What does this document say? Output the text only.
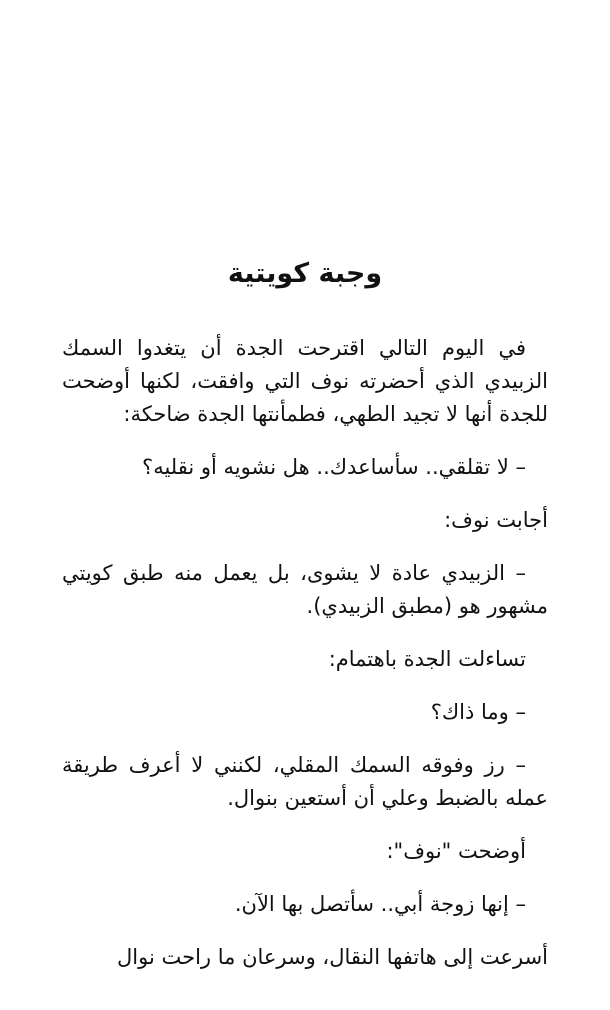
وجبة كويتية

في اليوم التالي اقترحت الجدة أن يتغدوا السمك الزبيدي الذي أحضرته نوف التي وافقت، لكنها أوضحت للجدة أنها لا تجيد الطهي، فطمأنتها الجدة ضاحكة:

– لا تقلقي.. سأساعدك.. هل نشويه أو نقليه؟

أجابت نوف:

– الزبيدي عادة لا يشوى، بل يعمل منه طبق كويتي مشهور هو (مطبق الزبيدي).

تساءلت الجدة باهتمام:

– وما ذاك؟

– رز وفوقه السمك المقلي، لكنني لا أعرف طريقة عمله بالضبط وعلي أن أستعين بنوال.

أوضحت "نوف":

– إنها زوجة أبي.. سأتصل بها الآن.

أسرعت إلى هاتفها النقال، وسرعان ما راحت نوال
